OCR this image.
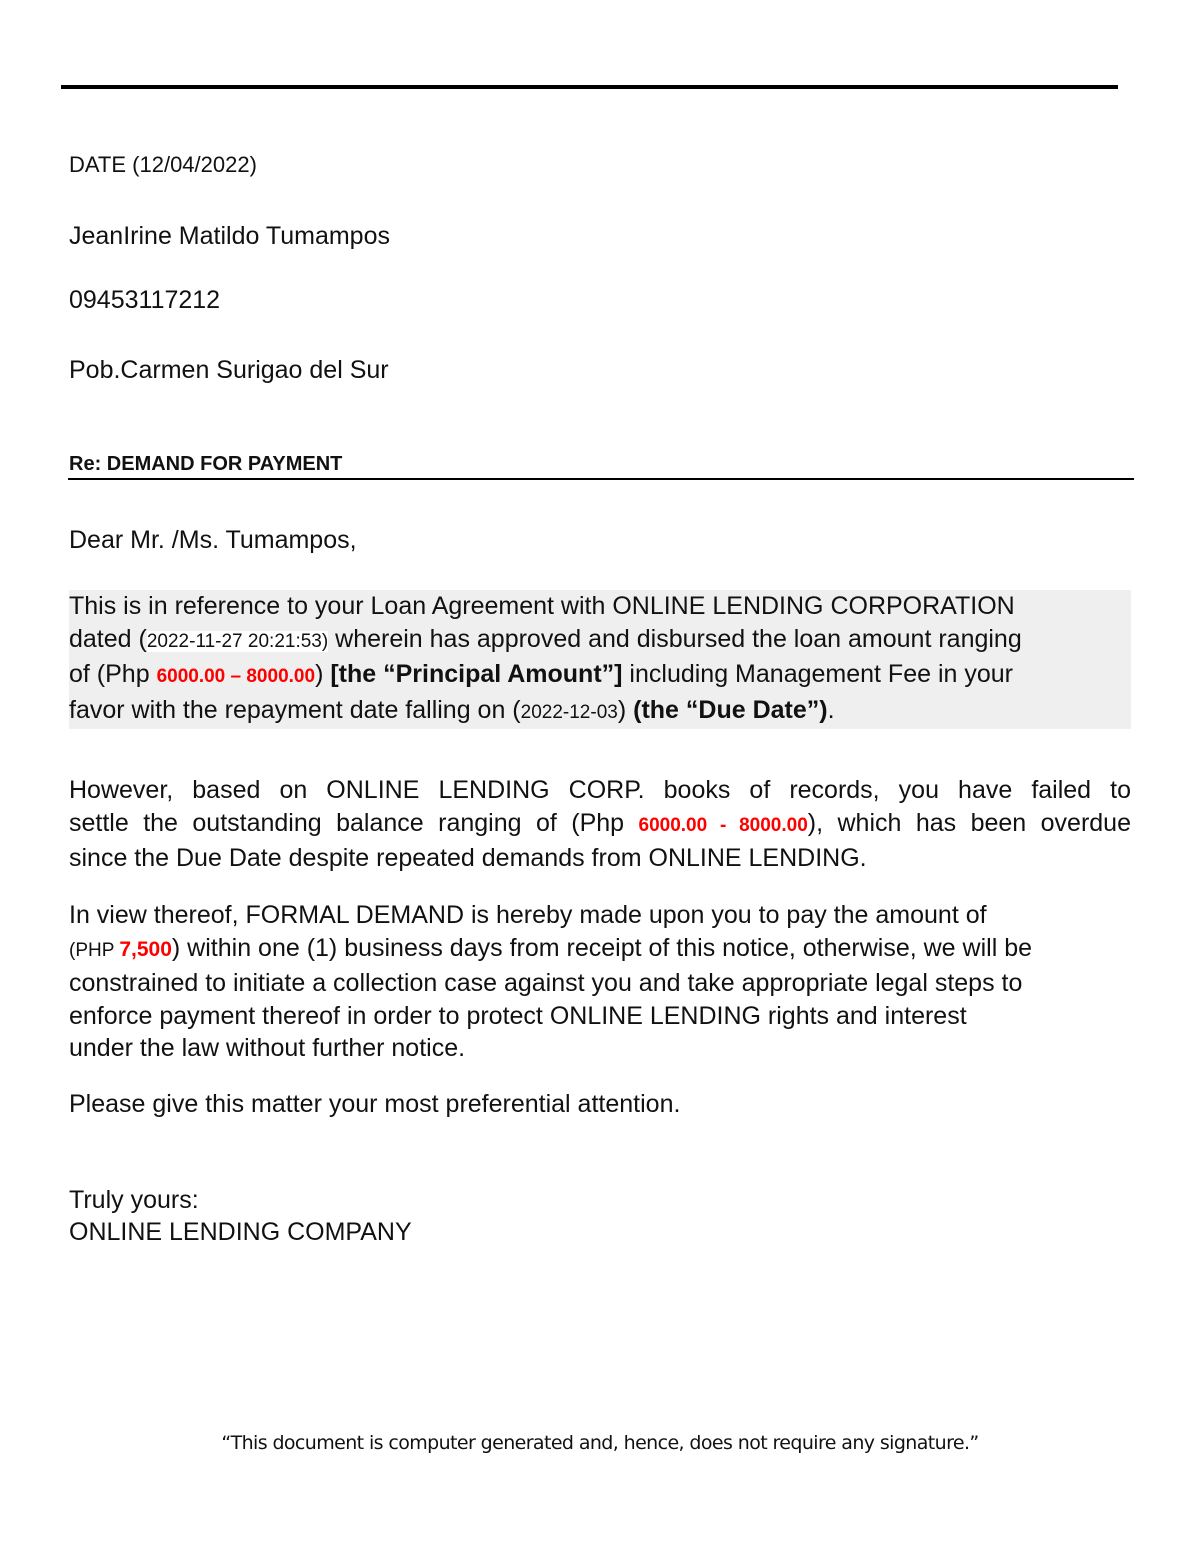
DATE (12/04/2022)
JeanIrine Matildo Tumampos
09453117212
Pob.Carmen Surigao del Sur
Re: DEMAND FOR PAYMENT
Dear Mr. /Ms. Tumampos,
This is in reference to your Loan Agreement with ONLINE LENDING CORPORATION
dated (2022-11-27 20:21:53) wherein has approved and disbursed the loan amount ranging
of (Php 6000.00 – 8000.00) [the “Principal Amount”] including Management Fee in your
favor with the repayment date falling on (2022-12-03) (the “Due Date”).
However, based on ONLINE LENDING CORP. books of records, you have failed to
settle the outstanding balance ranging of (Php 6000.00 - 8000.00), which has been overdue
since the Due Date despite repeated demands from ONLINE LENDING.
In view thereof, FORMAL DEMAND is hereby made upon you to pay the amount of
(PHP 7,500) within one (1) business days from receipt of this notice, otherwise, we will be
constrained to initiate a collection case against you and take appropriate legal steps to
enforce payment thereof in order to protect ONLINE LENDING rights and interest
under the law without further notice.
Please give this matter your most preferential attention.
Truly yours:
ONLINE LENDING COMPANY
“This document is computer generated and, hence, does not require any signature.”
